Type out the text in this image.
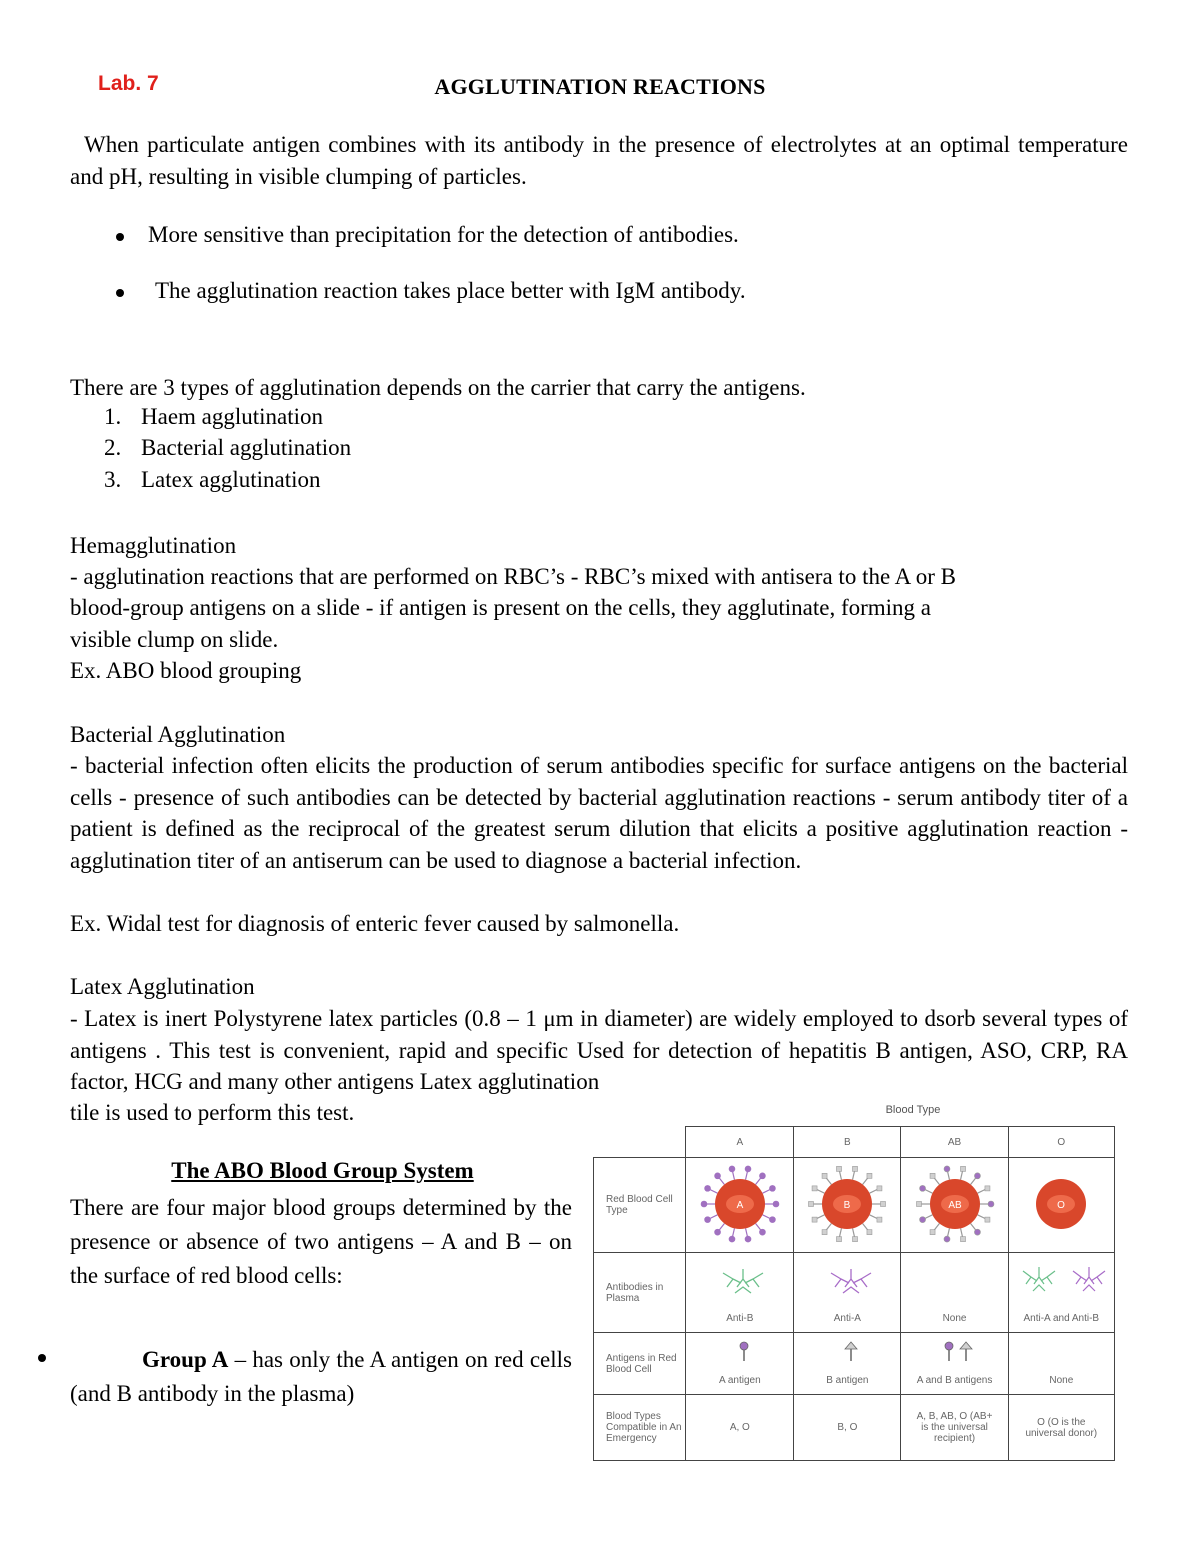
Lab. 7	AGGLUTINATION REACTIONS
When particulate antigen combines with its antibody in the presence of electrolytes at an optimal temperature and pH, resulting in visible clumping of particles.
More sensitive than precipitation for the detection of antibodies.
The agglutination reaction takes place better with IgM antibody.
There are 3 types of agglutination depends on the carrier that carry the antigens.
1. Haem agglutination
2. Bacterial agglutination
3. Latex agglutination
Hemagglutination
- agglutination reactions that are performed on RBC’s - RBC’s mixed with antisera to the A or B
blood-group antigens on a slide - if antigen is present on the cells, they agglutinate, forming a
visible clump on slide.
Ex. ABO blood grouping
Bacterial Agglutination
- bacterial infection often elicits the production of serum antibodies specific for surface antigens on the bacterial cells - presence of such antibodies can be detected by bacterial agglutination reactions - serum antibody titer of a patient is defined as the reciprocal of the greatest serum dilution that elicits a positive agglutination reaction - agglutination titer of an antiserum can be used to diagnose a bacterial infection.
Ex. Widal test for diagnosis of enteric fever caused by salmonella.
Latex Agglutination
- Latex is inert Polystyrene latex particles (0.8 – 1 μm in diameter) are widely employed to dsorb several types of antigens . This test is convenient, rapid and specific Used for detection of hepatitis B antigen, ASO, CRP, RA factor, HCG and many other antigens Latex agglutination
tile is used to perform this test.
The ABO Blood Group System
There are four major blood groups determined by the presence or absence of two antigens – A and B – on the surface of red blood cells:
Group A – has only the A antigen on red cells (and B antibody in the plasma)
Blood Type
	A	B	AB	O
Red Blood Cell Type	A	B	AB	O

Antibodies in Plasma	Anti-B	Anti-A	None	Anti-A and Anti-B

Antigens in Red Blood Cell	A antigen	B antigen	A and B antigens	None

Blood Types Compatible in An Emergency	A, O	B, O	A, B, AB, O (AB+ is the universal recipient)	O (O is the universal donor)
